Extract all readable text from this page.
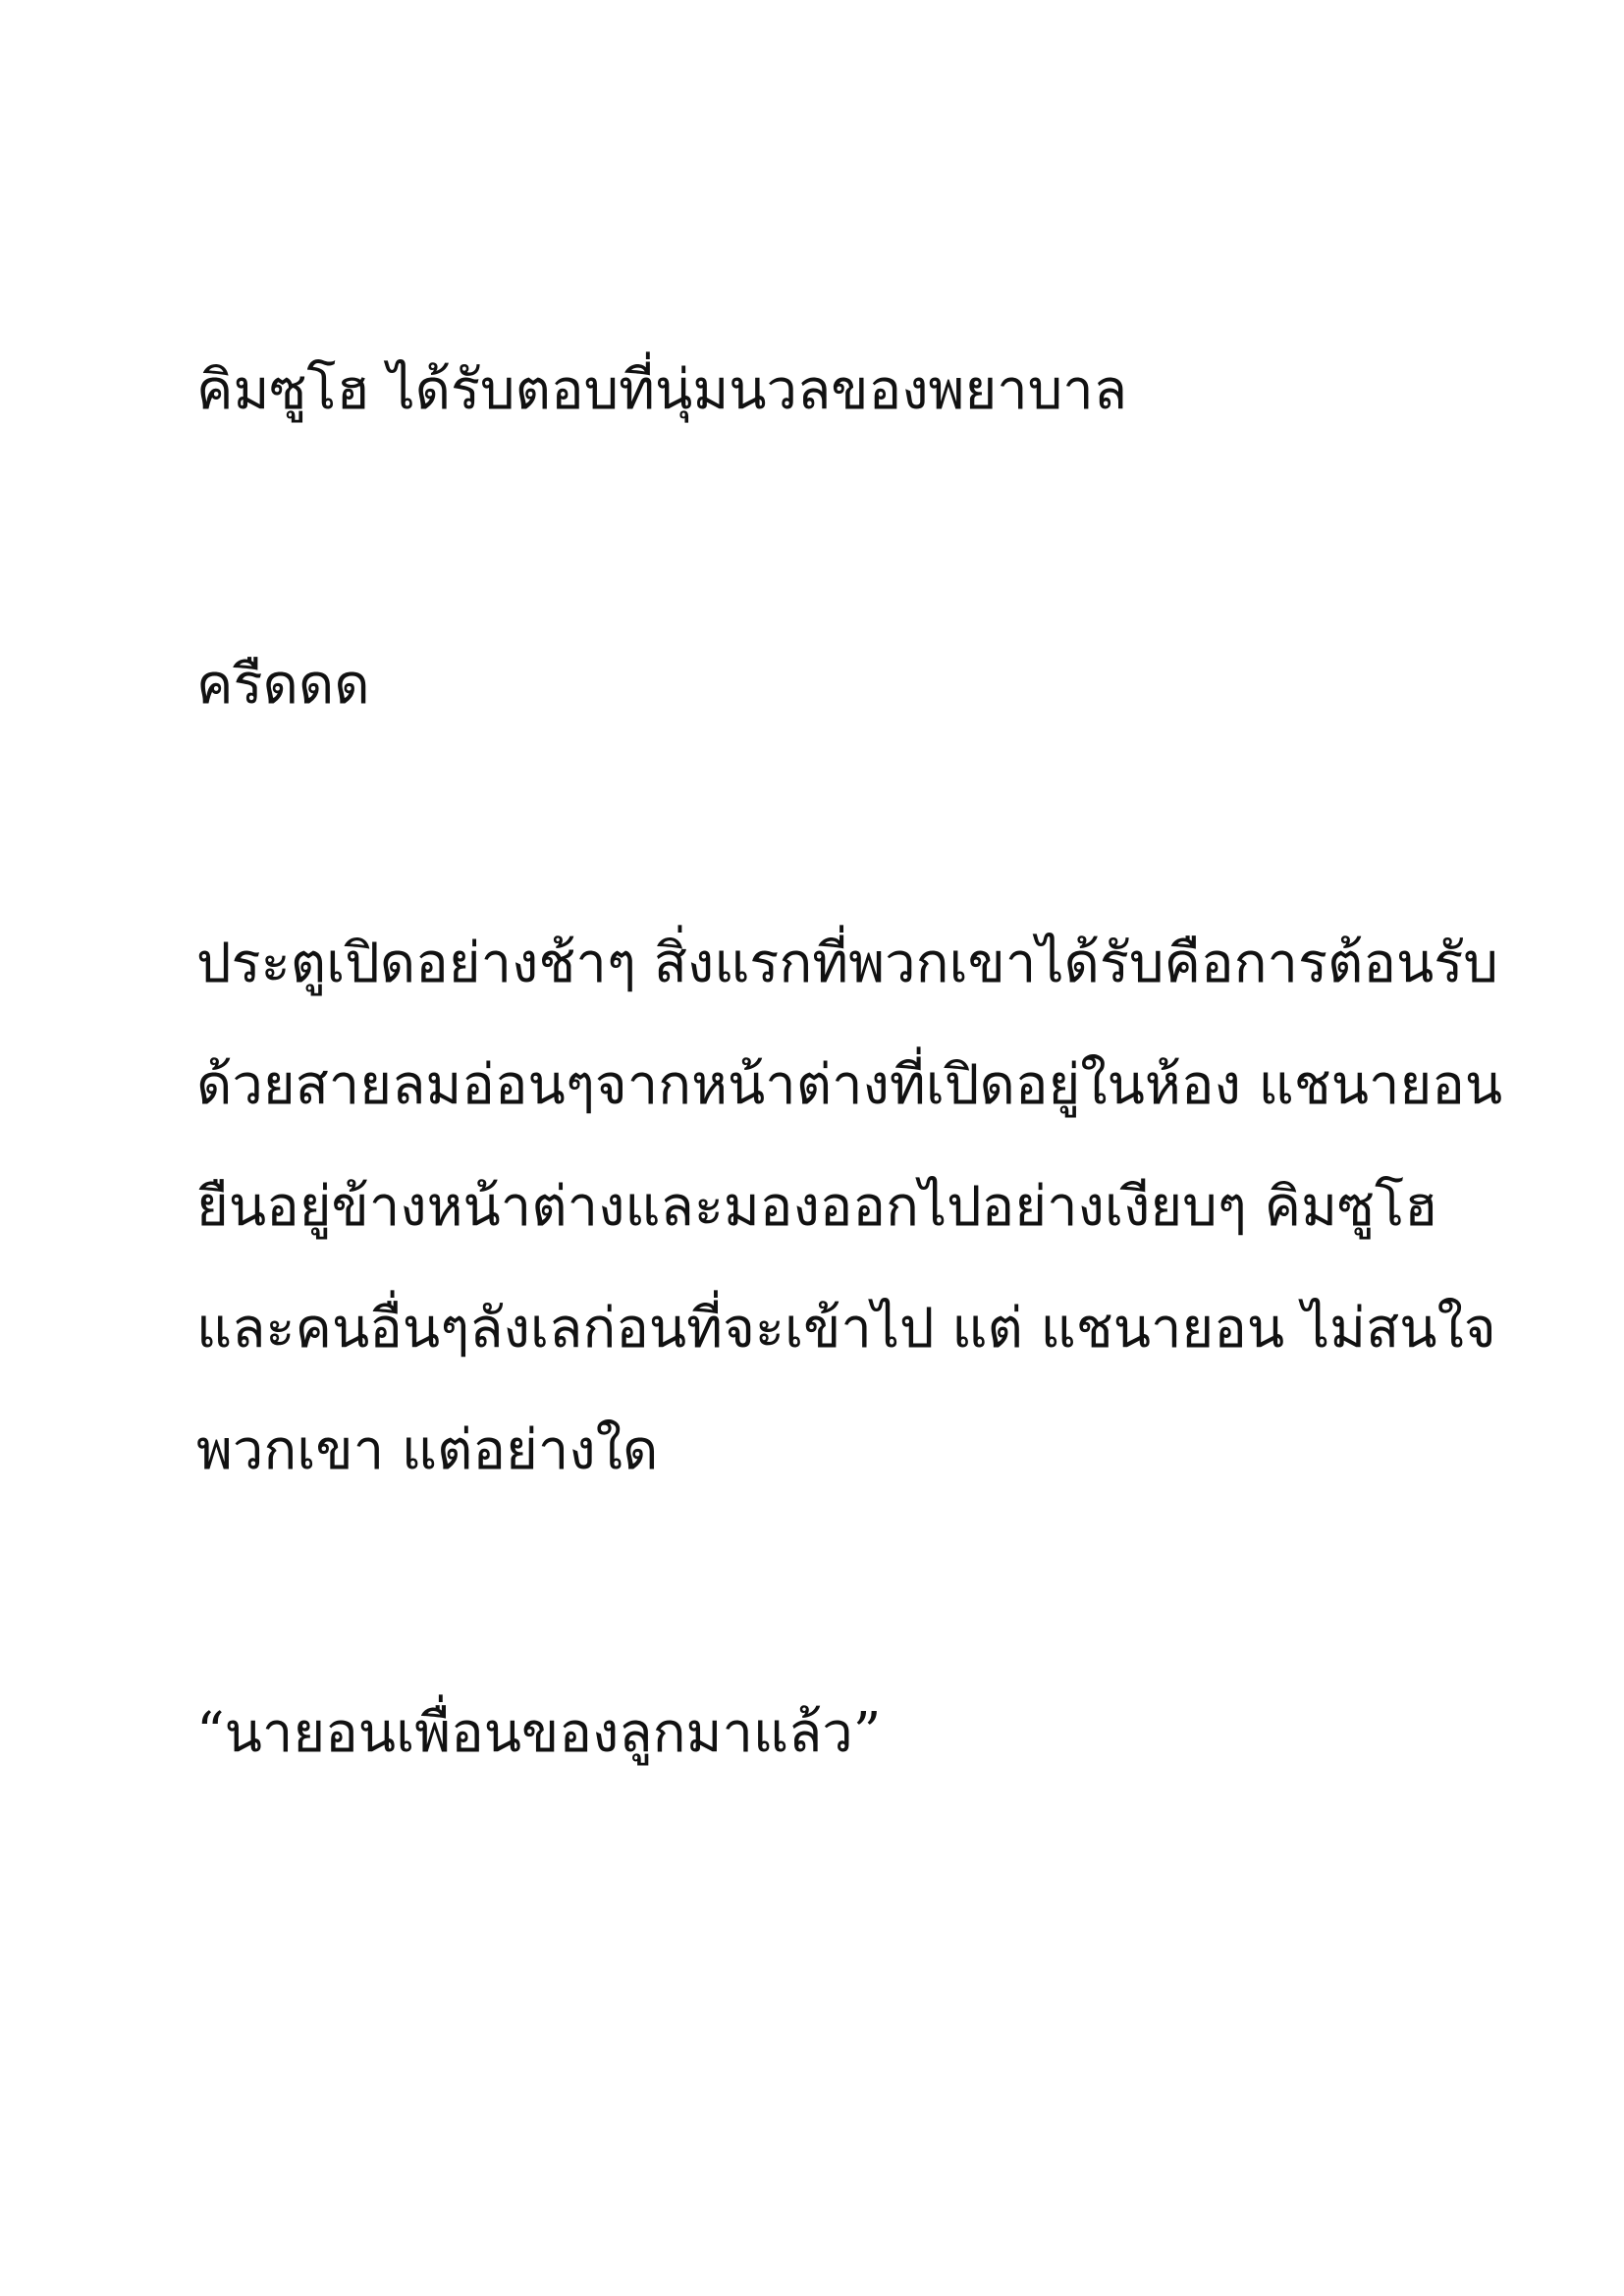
คิมซูโฮ ได้รับตอบที่นุ่มนวลของพยาบาล

ครืดดด

ประตูเปิดอย่างช้าๆ สิ่งแรกที่พวกเขาได้รับคือการต้อนรับ

ด้วยสายลมอ่อนๆจากหน้าต่างที่เปิดอยู่ในห้อง แชนายอน

ยืนอยู่ข้างหน้าต่างและมองออกไปอย่างเงียบๆ คิมซูโฮ

และคนอื่นๆลังเลก่อนที่จะเข้าไป แต่ แชนายอน ไม่สนใจ

พวกเขา แต่อย่างใด

“นายอนเพื่อนของลูกมาแล้ว”
